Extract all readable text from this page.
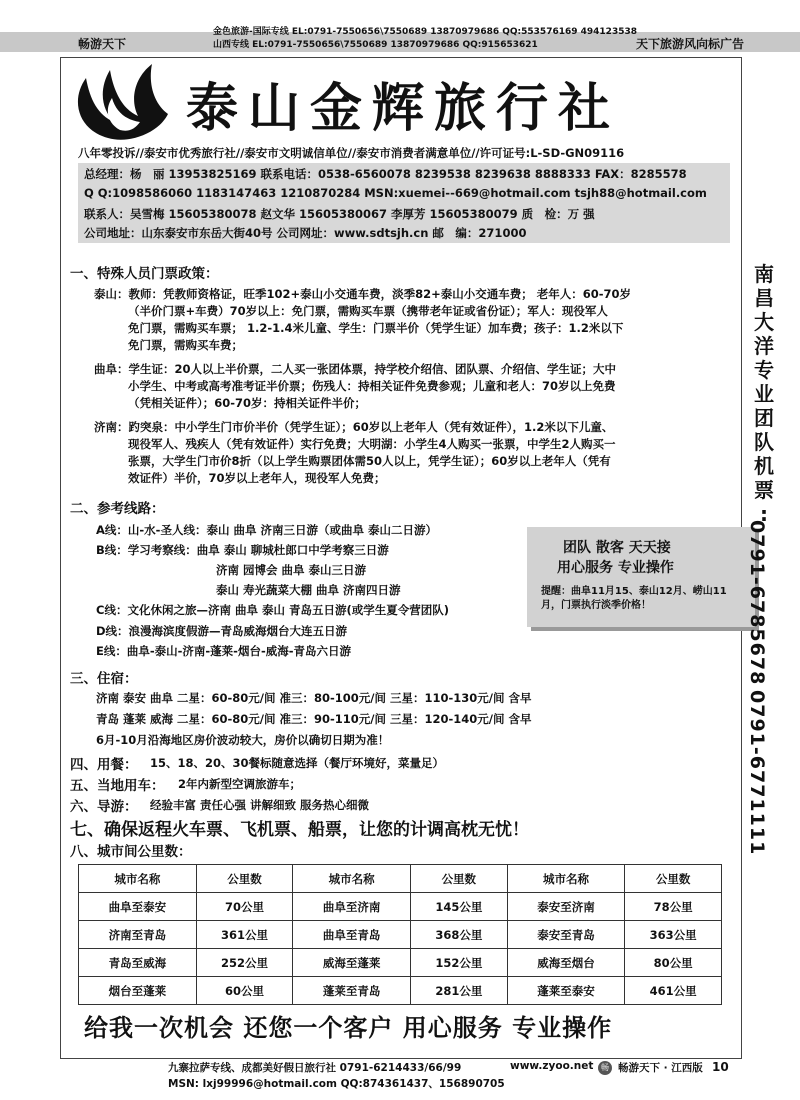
畅游天下
金色旅游-国际专线 EL:0791-7550656\7550689 13870979686 QQ:553576169 494123538
山西专线 EL:0791-7550656\7550689 13870979686 QQ:915653621	天下旅游风向标广告
泰山金辉旅行社
八年零投诉//泰安市优秀旅行社//泰安市文明诚信单位//泰安市消费者满意单位//许可证号:L-SD-GN09116
总经理：杨　丽 13953825169 联系电话：0538-6560078 8239538 8239638 8888333 FAX：8285578
Q Q:1098586060 1183147463 1210870284 MSN:xuemei--669@hotmail.com tsjh88@hotmail.com
联系人：吴雪梅 15605380078 赵文华 15605380067 李厚芳 15605380079 质　检：万 强
公司地址：山东泰安市东岳大街40号 公司网址：www.sdtsjh.cn 邮　编：271000
一、特殊人员门票政策：
泰山：教师：凭教师资格证，旺季102+泰山小交通车费，淡季82+泰山小交通车费； 老年人：60-70岁
（半价门票+车费）70岁以上：免门票，需购买车票（携带老年证或省份证）；军人：现役军人
免门票，需购买车票； 1.2-1.4米儿童、学生：门票半价（凭学生证）加车费；孩子：1.2米以下
免门票，需购买车费；
曲阜：学生证：20人以上半价票，二人买一张团体票，持学校介绍信、团队票、介绍信、学生证；大中
小学生、中考或高考准考证半价票；伤残人：持相关证件免费参观；儿童和老人：70岁以上免费
（凭相关证件）；60-70岁：持相关证件半价；
济南：趵突泉：中小学生门市价半价（凭学生证）；60岁以上老年人（凭有效证件），1.2米以下儿童、
现役军人、残疾人（凭有效证件）实行免费；大明湖：小学生4人购买一张票，中学生2人购买一
张票，大学生门市价8折（以上学生购票团体需50人以上，凭学生证）；60岁以上老年人（凭有
效证件）半价，70岁以上老年人，现役军人免费；
二、参考线路：
A线：山-水-圣人线：泰山 曲阜 济南三日游（或曲阜 泰山二日游）
B线：学习考察线：曲阜 泰山 聊城杜郎口中学考察三日游
济南 园博会 曲阜 泰山三日游
泰山 寿光蔬菜大棚 曲阜 济南四日游
C线：文化休闲之旅—济南 曲阜 泰山 青岛五日游(或学生夏令营团队)
D线：浪漫海滨度假游—青岛威海烟台大连五日游
E线：曲阜-泰山-济南-蓬莱-烟台-威海-青岛六日游
团队 散客 天天接
用心服务 专业操作
提醒：曲阜11月15、泰山12月、崂山11月，门票执行淡季价格！
三、住宿：
济南 泰安 曲阜 二星：60-80元/间 准三：80-100元/间 三星：110-130元/间 含早
青岛 蓬莱 威海 二星：60-80元/间 准三：90-110元/间 三星：120-140元/间 含早
6月-10月沿海地区房价波动较大，房价以确切日期为准！
四、用餐： 15、18、20、30餐标随意选择（餐厅环境好，菜量足）
五、当地用车： 2年内新型空调旅游车；
六、导游： 经验丰富 责任心强 讲解细致 服务热心细微
七、确保返程火车票、飞机票、船票，让您的计调高枕无忧！
八、城市间公里数：
城市名称	公里数	城市名称	公里数	城市名称	公里数
曲阜至泰安	70公里	曲阜至济南	145公里	泰安至济南	78公里
济南至青岛	361公里	曲阜至青岛	368公里	泰安至青岛	363公里
青岛至威海	252公里	威海至蓬莱	152公里	威海至烟台	80公里
烟台至蓬莱	60公里	蓬莱至青岛	281公里	蓬莱至泰安	461公里
给我一次机会 还您一个客户 用心服务 专业操作
南
昌
大
洋
专
业
团
队
机
票
:
0791-6785678
0791-6771111
九寨拉萨专线、成都美好假日旅行社 0791-6214433/66/99
MSN: lxj99996@hotmail.com QQ:874361437、156890705
www.zyoo.net 畅 畅游天下 · 江西版 10
